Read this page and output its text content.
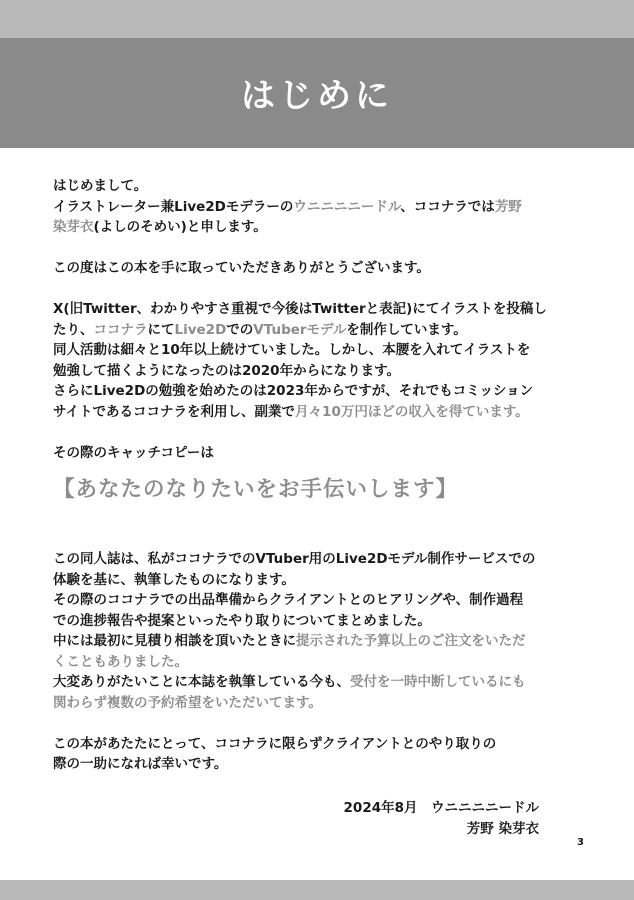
はじめに
はじめまして。
イラストレーター兼Live2Dモデラーのウニニニニードル、ココナラでは芳野
染芽衣(よしのそめい)と申します。
この度はこの本を手に取っていただきありがとうございます。
X(旧Twitter、わかりやすさ重視で今後はTwitterと表記)にてイラストを投稿し
たり、ココナラにてLive2DでのVTuberモデルを制作しています。
同人活動は細々と10年以上続けていました。しかし、本腰を入れてイラストを
勉強して描くようになったのは2020年からになります。
さらにLive2Dの勉強を始めたのは2023年からですが、それでもコミッション
サイトであるココナラを利用し、副業で月々10万円ほどの収入を得ています。
その際のキャッチコピーは
【あなたのなりたいをお手伝いします】
この同人誌は、私がココナラでのVTuber用のLive2Dモデル制作サービスでの
体験を基に、執筆したものになります。
その際のココナラでの出品準備からクライアントとのヒアリングや、制作過程
での進捗報告や提案といったやり取りについてまとめました。
中には最初に見積り相談を頂いたときに提示された予算以上のご注文をいただ
くこともありました。
大変ありがたいことに本誌を執筆している今も、受付を一時中断しているにも
関わらず複数の予約希望をいただいてます。
この本があたたにとって、ココナラに限らずクライアントとのやり取りの
際の一助になれば幸いです。
2024年8月　 ウニニニニードル
芳野 染芽衣
3
